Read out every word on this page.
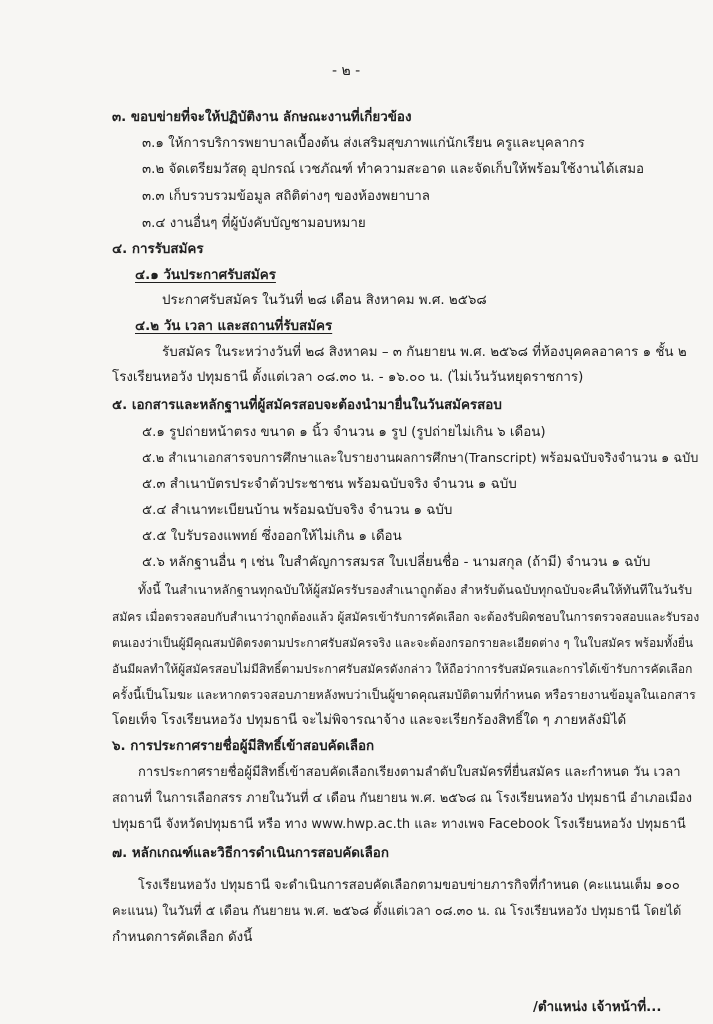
- ๒ -
๓. ขอบข่ายที่จะให้ปฏิบัติงาน ลักษณะงานที่เกี่ยวข้อง
๓.๑ ให้การบริการพยาบาลเบื้องต้น ส่งเสริมสุขภาพแก่นักเรียน ครูและบุคลากร
๓.๒ จัดเตรียมวัสดุ อุปกรณ์ เวชภัณฑ์ ทำความสะอาด และจัดเก็บให้พร้อมใช้งานได้เสมอ
๓.๓ เก็บรวบรวมข้อมูล สถิติต่างๆ ของห้องพยาบาล
๓.๔ งานอื่นๆ ที่ผู้บังคับบัญชามอบหมาย
๔. การรับสมัคร
๔.๑ วันประกาศรับสมัคร
ประกาศรับสมัคร ในวันที่ ๒๘ เดือน สิงหาคม พ.ศ. ๒๕๖๘
๔.๒ วัน เวลา และสถานที่รับสมัคร
รับสมัคร ในระหว่างวันที่ ๒๘ สิงหาคม – ๓ กันยายน พ.ศ. ๒๕๖๘ ที่ห้องบุคคลอาคาร ๑ ชั้น ๒
โรงเรียนหอวัง ปทุมธานี ตั้งแต่เวลา ๐๘.๓๐ น. - ๑๖.๐๐ น. (ไม่เว้นวันหยุดราชการ)
๕. เอกสารและหลักฐานที่ผู้สมัครสอบจะต้องนำมายื่นในวันสมัครสอบ
๕.๑ รูปถ่ายหน้าตรง ขนาด ๑ นิ้ว จำนวน ๑ รูป (รูปถ่ายไม่เกิน ๖ เดือน)
๕.๒ สำเนาเอกสารจบการศึกษาและใบรายงานผลการศึกษา(Transcript) พร้อมฉบับจริงจำนวน ๑ ฉบับ
๕.๓ สำเนาบัตรประจำตัวประชาชน พร้อมฉบับจริง จำนวน ๑ ฉบับ
๕.๔ สำเนาทะเบียนบ้าน พร้อมฉบับจริง จำนวน ๑ ฉบับ
๕.๕ ใบรับรองแพทย์ ซึ่งออกให้ไม่เกิน ๑ เดือน
๕.๖ หลักฐานอื่น ๆ เช่น ใบสำคัญการสมรส ใบเปลี่ยนชื่อ - นามสกุล (ถ้ามี) จำนวน ๑ ฉบับ
ทั้งนี้ ในสำเนาหลักฐานทุกฉบับให้ผู้สมัครรับรองสำเนาถูกต้อง สำหรับต้นฉบับทุกฉบับจะคืนให้ทันทีในวันรับ
สมัคร เมื่อตรวจสอบกับสำเนาว่าถูกต้องแล้ว ผู้สมัครเข้ารับการคัดเลือก จะต้องรับผิดชอบในการตรวจสอบและรับรอง
ตนเองว่าเป็นผู้มีคุณสมบัติตรงตามประกาศรับสมัครจริง และจะต้องกรอกรายละเอียดต่าง ๆ ในใบสมัคร พร้อมทั้งยื่น
อันมีผลทำให้ผู้สมัครสอบไม่มีสิทธิ์ตามประกาศรับสมัครดังกล่าว ให้ถือว่าการรับสมัครและการได้เข้ารับการคัดเลือก
ครั้งนี้เป็นโมฆะ และหากตรวจสอบภายหลังพบว่าเป็นผู้ขาดคุณสมบัติตามที่กำหนด หรือรายงานข้อมูลในเอกสาร
โดยเท็จ โรงเรียนหอวัง ปทุมธานี จะไม่พิจารณาจ้าง และจะเรียกร้องสิทธิ์ใด ๆ ภายหลังมิได้
๖. การประกาศรายชื่อผู้มีสิทธิ์เข้าสอบคัดเลือก
การประกาศรายชื่อผู้มีสิทธิ์เข้าสอบคัดเลือกเรียงตามลำดับใบสมัครที่ยื่นสมัคร และกำหนด วัน เวลา
สถานที่ ในการเลือกสรร ภายในวันที่ ๔ เดือน กันยายน พ.ศ. ๒๕๖๘ ณ โรงเรียนหอวัง ปทุมธานี อำเภอเมือง
ปทุมธานี จังหวัดปทุมธานี หรือ ทาง www.hwp.ac.th และ ทางเพจ Facebook โรงเรียนหอวัง ปทุมธานี
๗. หลักเกณฑ์และวิธีการดำเนินการสอบคัดเลือก
โรงเรียนหอวัง ปทุมธานี จะดำเนินการสอบคัดเลือกตามขอบข่ายภารกิจที่กำหนด (คะแนนเต็ม ๑๐๐
คะแนน) ในวันที่ ๕ เดือน กันยายน พ.ศ. ๒๕๖๘ ตั้งแต่เวลา ๐๘.๓๐ น. ณ โรงเรียนหอวัง ปทุมธานี โดยได้
กำหนดการคัดเลือก ดังนี้
/ตำแหน่ง เจ้าหน้าที่...
